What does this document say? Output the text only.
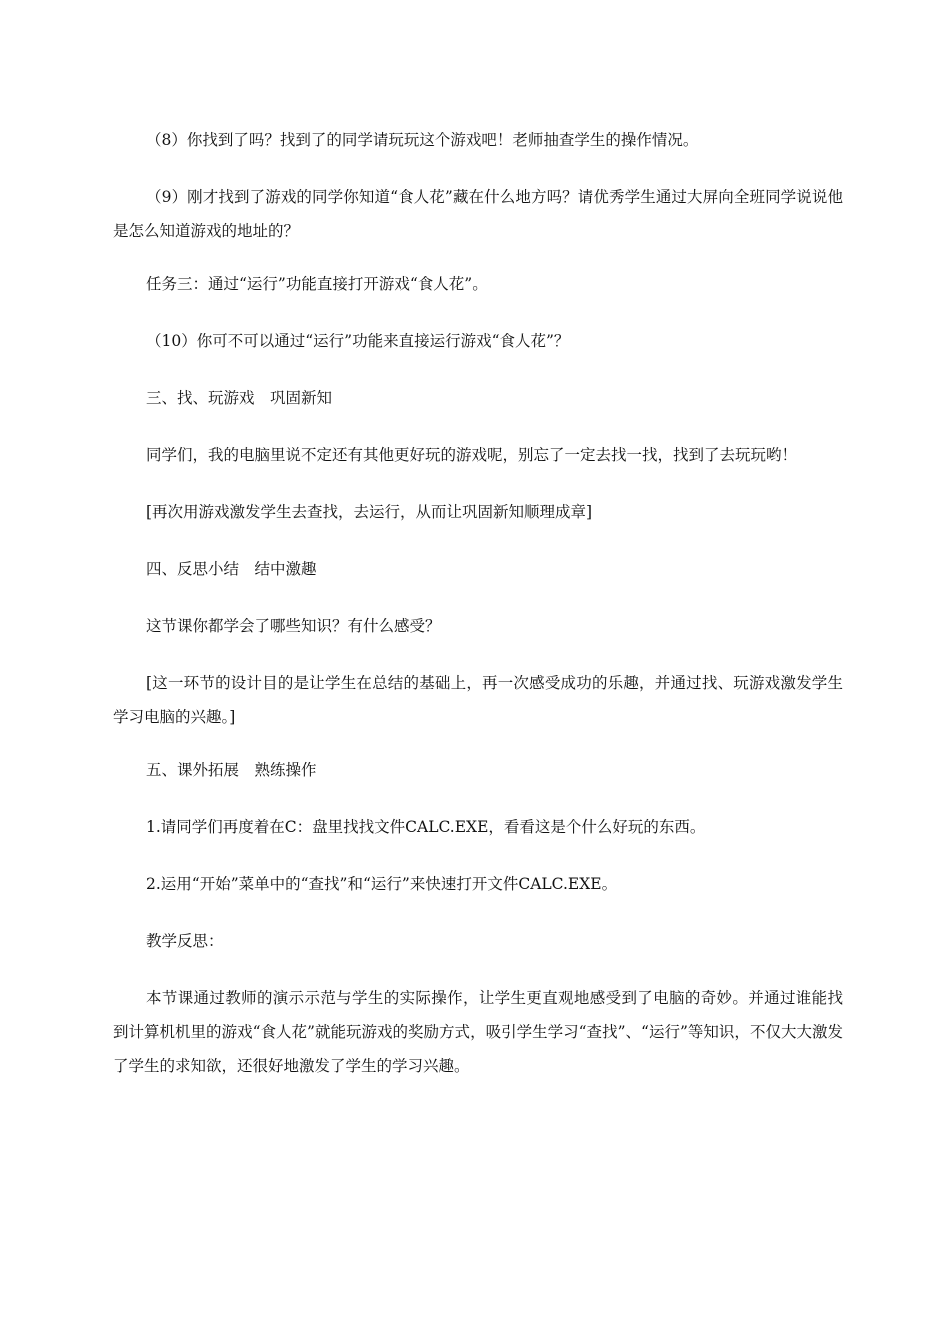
（8）你找到了吗？找到了的同学请玩玩这个游戏吧！老师抽查学生的操作情况。

（9）刚才找到了游戏的同学你知道“食人花”藏在什么地方吗？请优秀学生通过大屏向全班同学说说他是怎么知道游戏的地址的？

任务三：通过“运行”功能直接打开游戏“食人花”。

（10）你可不可以通过“运行”功能来直接运行游戏“食人花”？

三、找、玩游戏　巩固新知

同学们，我的电脑里说不定还有其他更好玩的游戏呢，别忘了一定去找一找，找到了去玩玩哟！

[再次用游戏激发学生去查找，去运行，从而让巩固新知顺理成章]

四、反思小结　结中激趣

这节课你都学会了哪些知识？有什么感受？

[这一环节的设计目的是让学生在总结的基础上，再一次感受成功的乐趣，并通过找、玩游戏激发学生学习电脑的兴趣。]

五、课外拓展　熟练操作

1.请同学们再度着在C：盘里找找文件CALC.EXE，看看这是个什么好玩的东西。

2.运用“开始”菜单中的“查找”和“运行”来快速打开文件CALC.EXE。

教学反思：

本节课通过教师的演示示范与学生的实际操作，让学生更直观地感受到了电脑的奇妙。并通过谁能找到计算机机里的游戏“食人花”就能玩游戏的奖励方式，吸引学生学习“查找”、“运行”等知识，不仅大大激发了学生的求知欲，还很好地激发了学生的学习兴趣。
